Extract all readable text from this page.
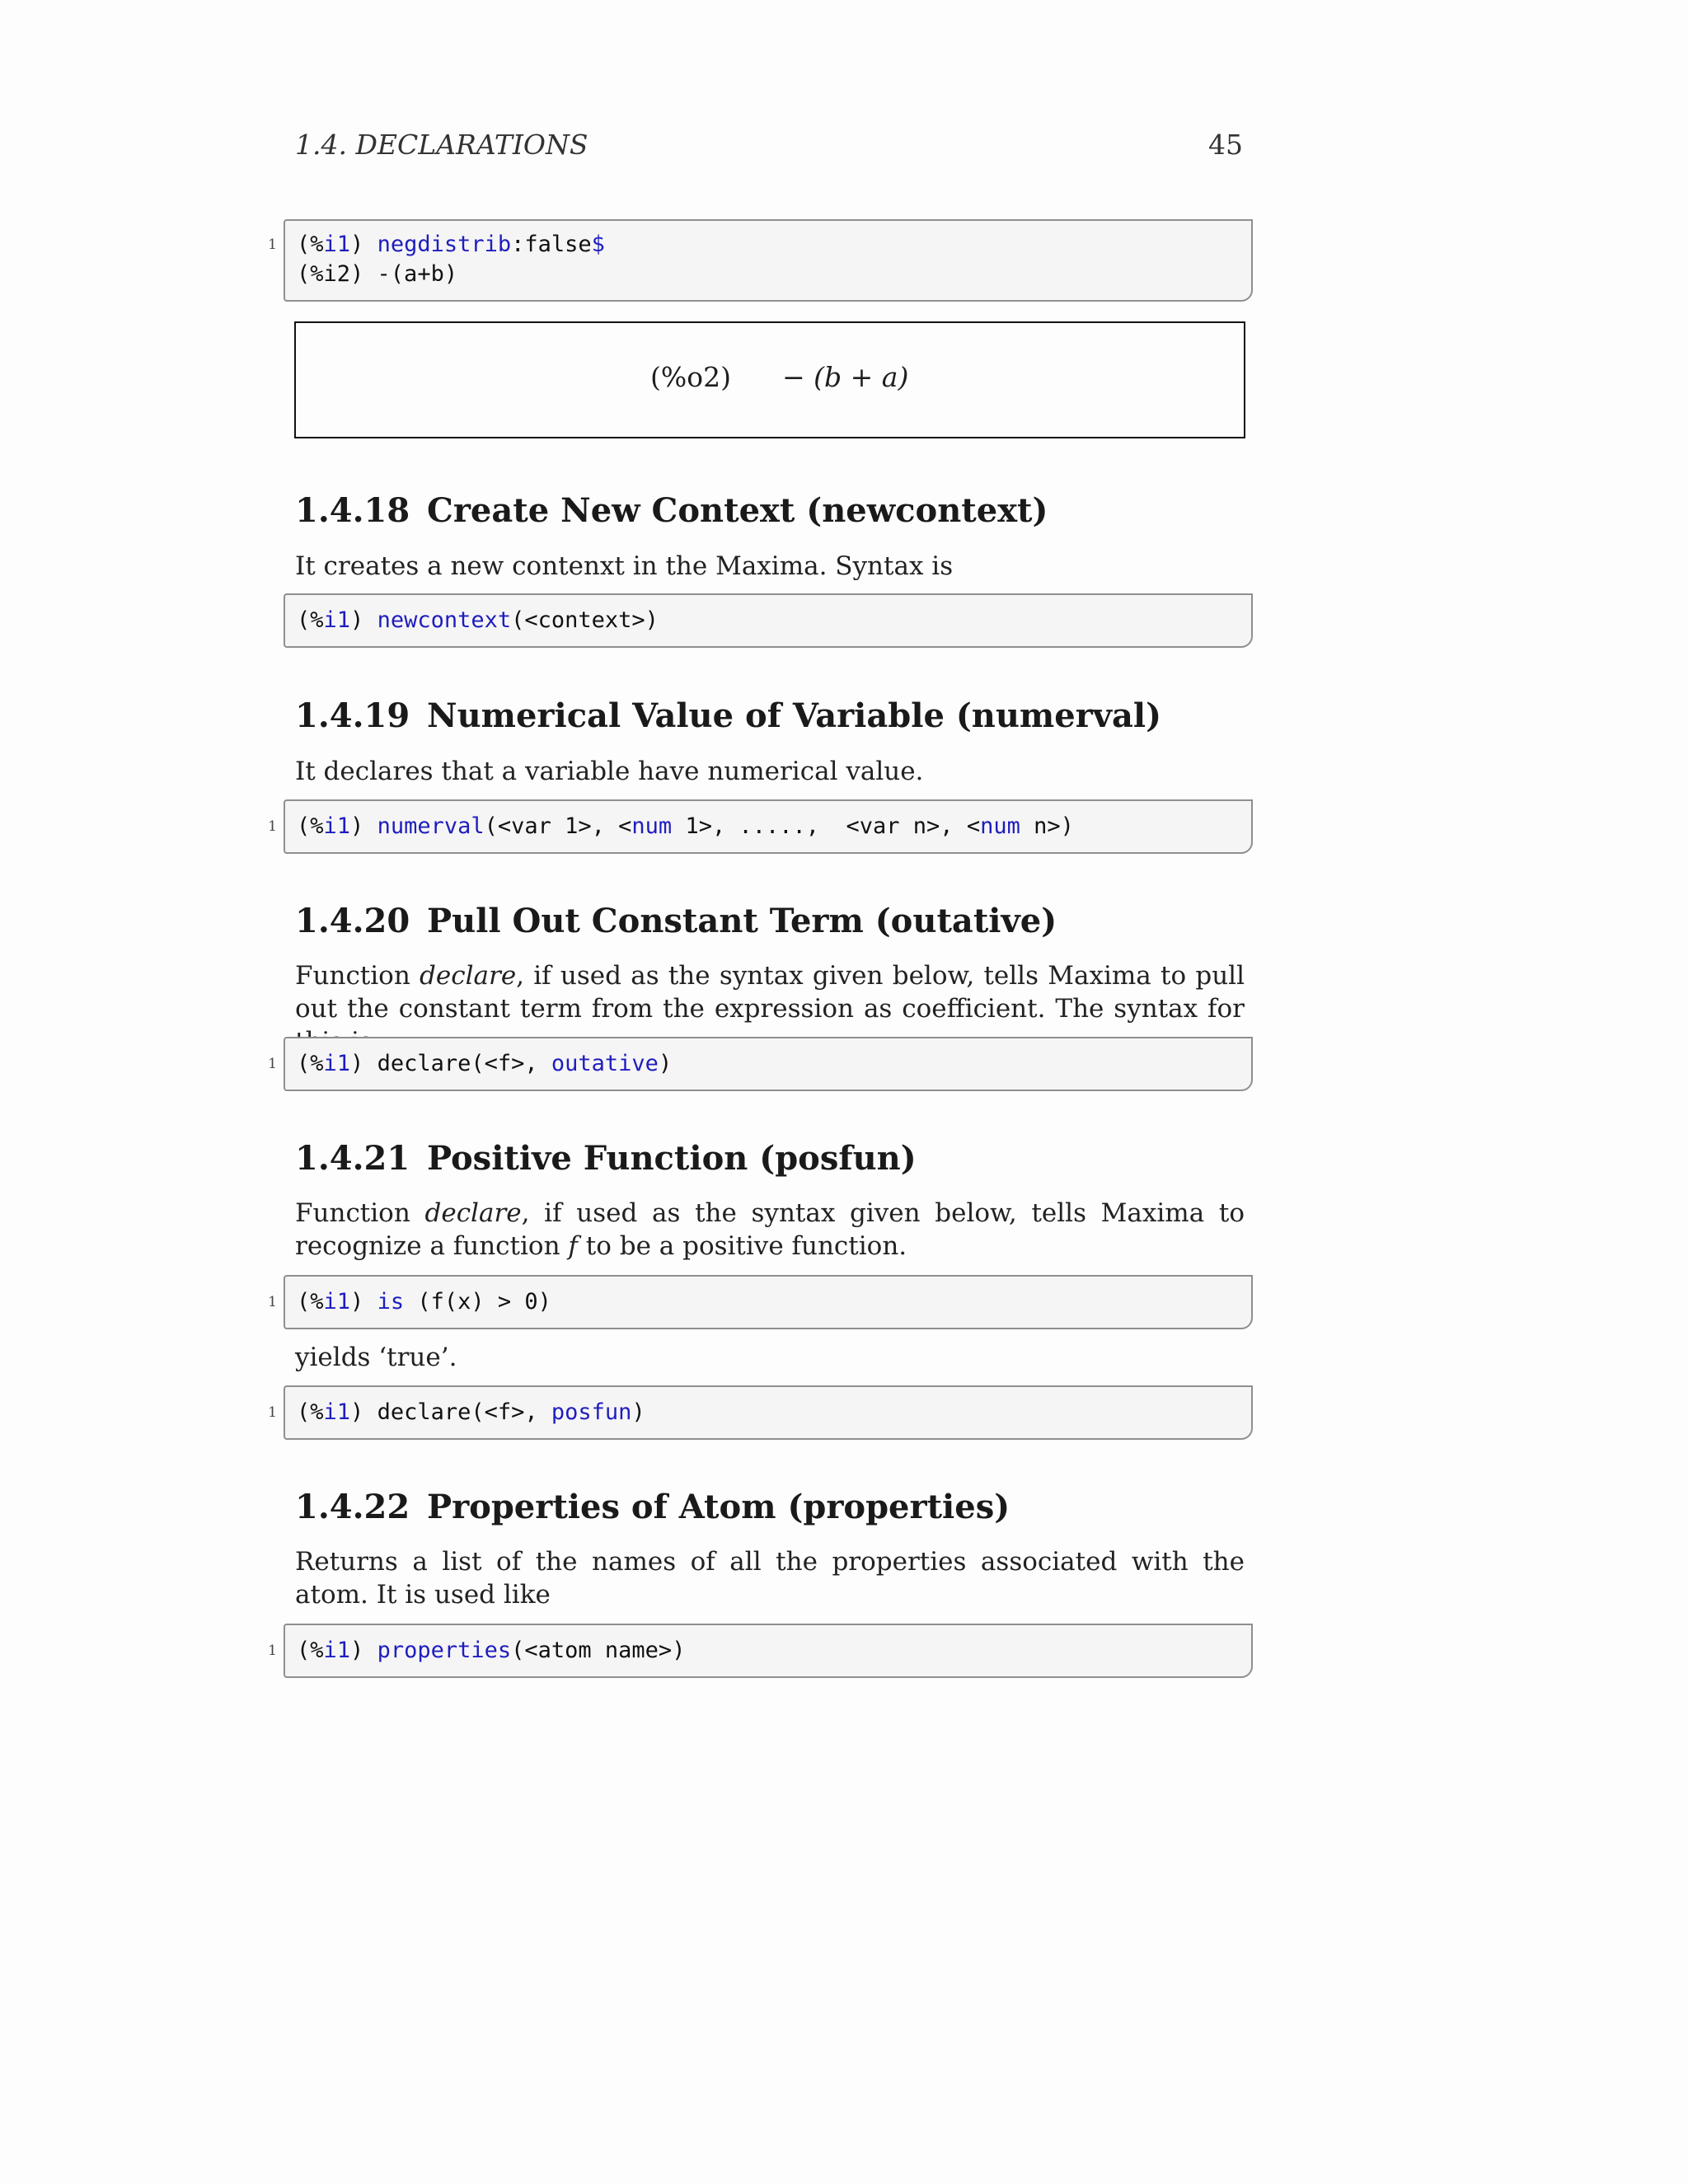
1.4. DECLARATIONS	45
1 (%i1) negdistrib:false$
(%i2) -(a+b)
(%o2) − (b + a)
1.4.18 Create New Context (newcontext)
It creates a new contenxt in the Maxima. Syntax is
(%i1) newcontext(<context>)
1.4.19 Numerical Value of Variable (numerval)
It declares that a variable have numerical value.
1 (%i1) numerval(<var 1>, <num 1>, .....,  <var n>, <num n>)
1.4.20 Pull Out Constant Term (outative)
Function declare, if used as the syntax given below, tells Maxima to pull out the constant term from the expression as coefficient. The syntax for
1 (%i1) declare(<f>, outative)
1.4.21 Positive Function (posfun)
Function declare, if used as the syntax given below, tells Maxima to recognize a function f to be a positive function.
1 (%i1) is (f(x) > 0)
yields ‘true’.
1 (%i1) declare(<f>, posfun)
1.4.22 Properties of Atom (properties)
Returns a list of the names of all the properties associated with the atom. It is used like
1 (%i1) properties(<atom name>)
